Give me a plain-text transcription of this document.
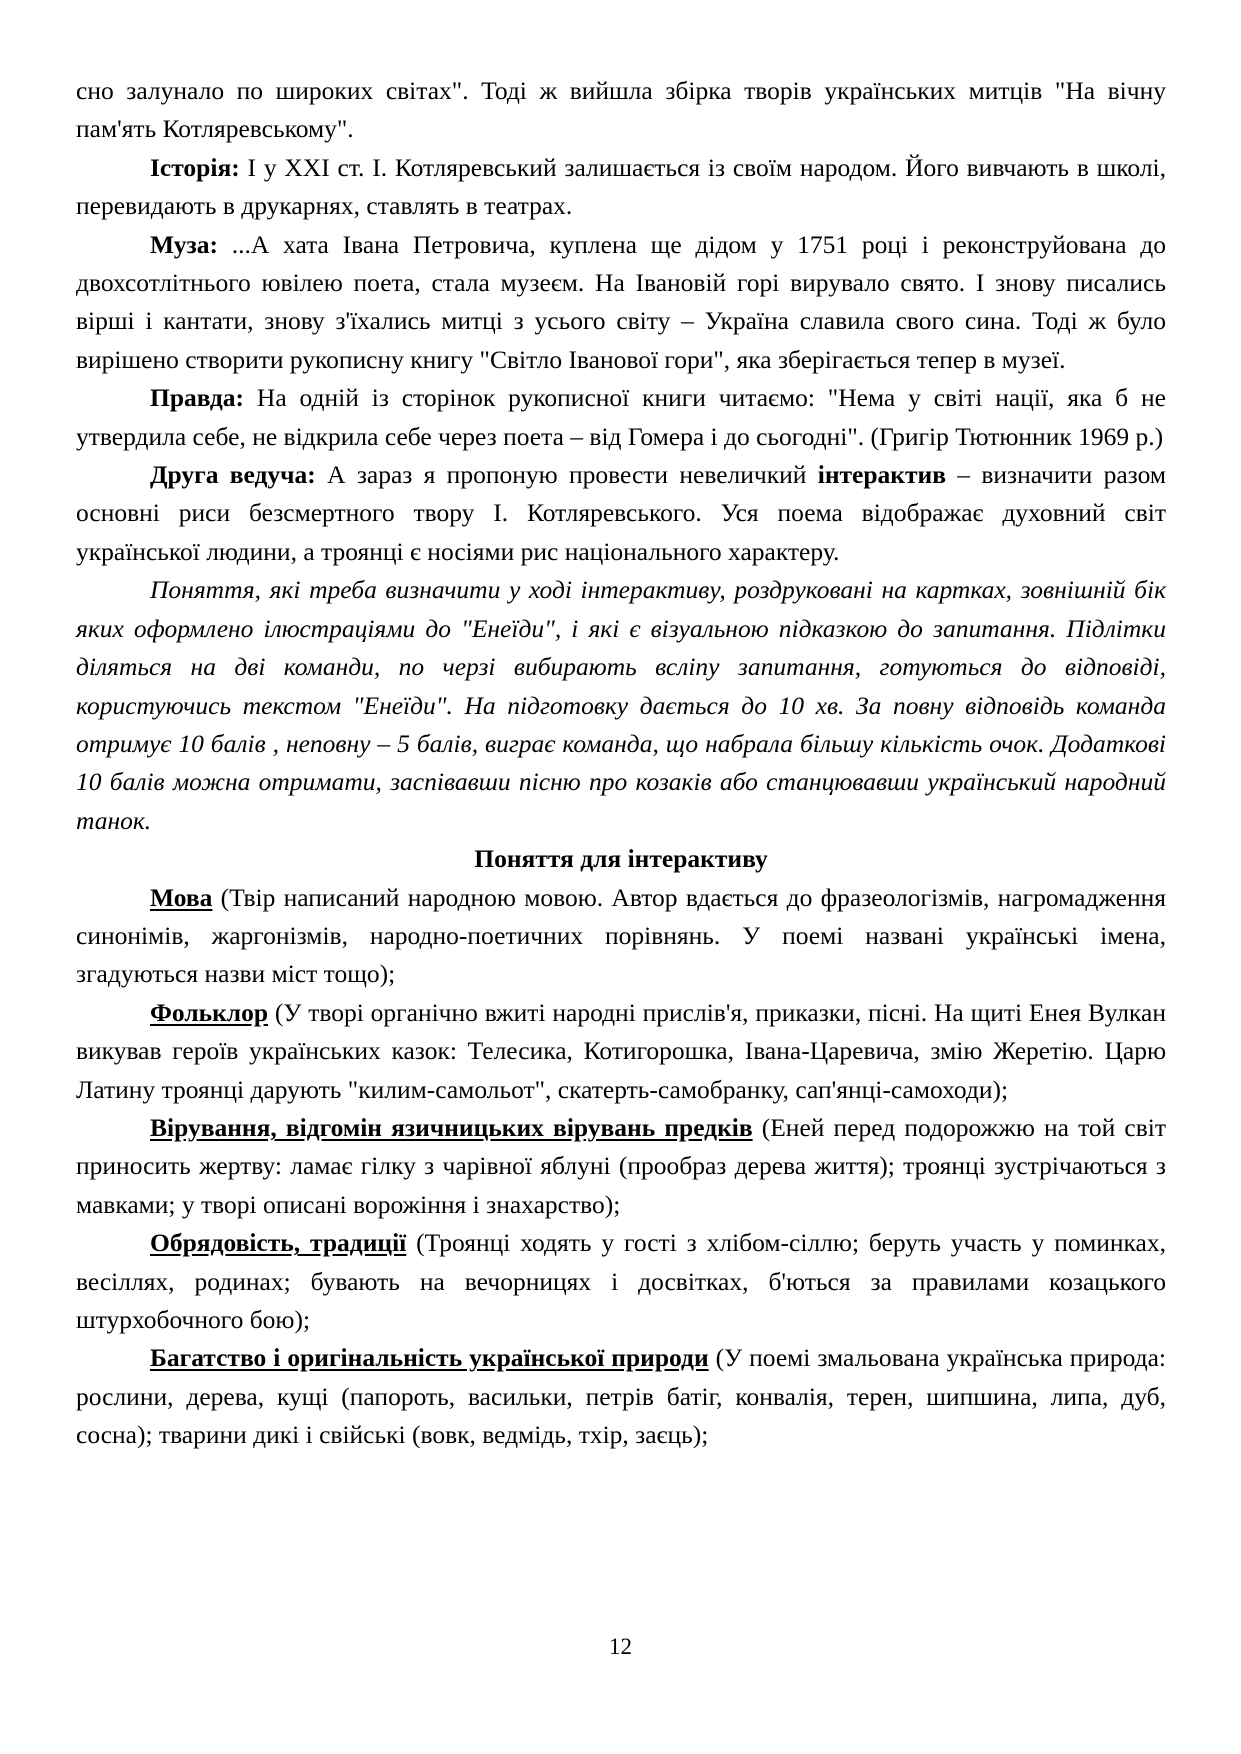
сно залунало по широких світах". Тоді ж вийшла збірка творів українських митців "На вічну пам'ять Котляревському".

Історія: І у XXI ст. І. Котляревський залишається із своїм народом. Його вивчають в школі, перевидають в друкарнях, ставлять в театрах.

Муза: ...А хата Івана Петровича, куплена ще дідом у 1751 році і реконструйована до двохсотлітнього ювілею поета, стала музеєм. На Івановій горі вирувало свято. І знову писались вірші і кантати, знову з'їхались митці з усього світу – Україна славила свого сина. Тоді ж було вирішено створити рукописну книгу "Світло Іванової гори", яка зберігається тепер в музеї.

Правда: На одній із сторінок рукописної книги читаємо: "Нема у світі нації, яка б не утвердила себе, не відкрила себе через поета – від Гомера і до сьогодні". (Григір Тютюнник 1969 р.)

Друга ведуча: А зараз я пропоную провести невеличкий інтерактив – визначити разом основні риси безсмертного твору І. Котляревського. Уся поема відображає духовний світ української людини, а троянці є носіями рис національного характеру.

Поняття, які треба визначити у ході інтерактиву, роздруковані на картках, зовнішній бік яких оформлено ілюстраціями до "Енеїди", і які є візуальною підказкою до запитання. Підлітки діляться на дві команди, по черзі вибирають всліпу запитання, готуються до відповіді, користуючись текстом "Енеїди". На підготовку дається до 10 хв. За повну відповідь команда отримує 10 балів , неповну – 5 балів, виграє команда, що набрала більшу кількість очок. Додаткові 10 балів можна отримати, заспівавши пісню про козаків або станцювавши український народний танок.

Поняття для інтерактиву

Мова (Твір написаний народною мовою. Автор вдається до фразеологізмів, нагромадження синонімів, жаргонізмів, народно-поетичних порівнянь. У поемі названі українські імена, згадуються назви міст тощо);

Фольклор (У творі органічно вжиті народні прислів'я, приказки, пісні. На щиті Енея Вулкан викував героїв українських казок: Телесика, Котигорошка, Івана-Царевича, змію Жеретію. Царю Латину троянці дарують "килим-самольот", скатерть-самобранку, сап'янці-самоходи);

Вірування, відгомін язичницьких вірувань предків (Еней перед подорожжю на той світ приносить жертву: ламає гілку з чарівної яблуні (прообраз дерева життя); троянці зустрічаються з мавками; у творі описані ворожіння і знахарство);

Обрядовість, традиції (Троянці ходять у гості з хлібом-сіллю; беруть участь у поминках, весіллях, родинах; бувають на вечорницях і досвітках, б'ються за правилами козацького штурхобочного бою);

Багатство і оригінальність української природи (У поемі змальована українська природа: рослини, дерева, кущі (папороть, васильки, петрів батіг, конвалія, терен, шипшина, липа, дуб, сосна); тварини дикі і свійські (вовк, ведмідь, тхір, заєць);

12
